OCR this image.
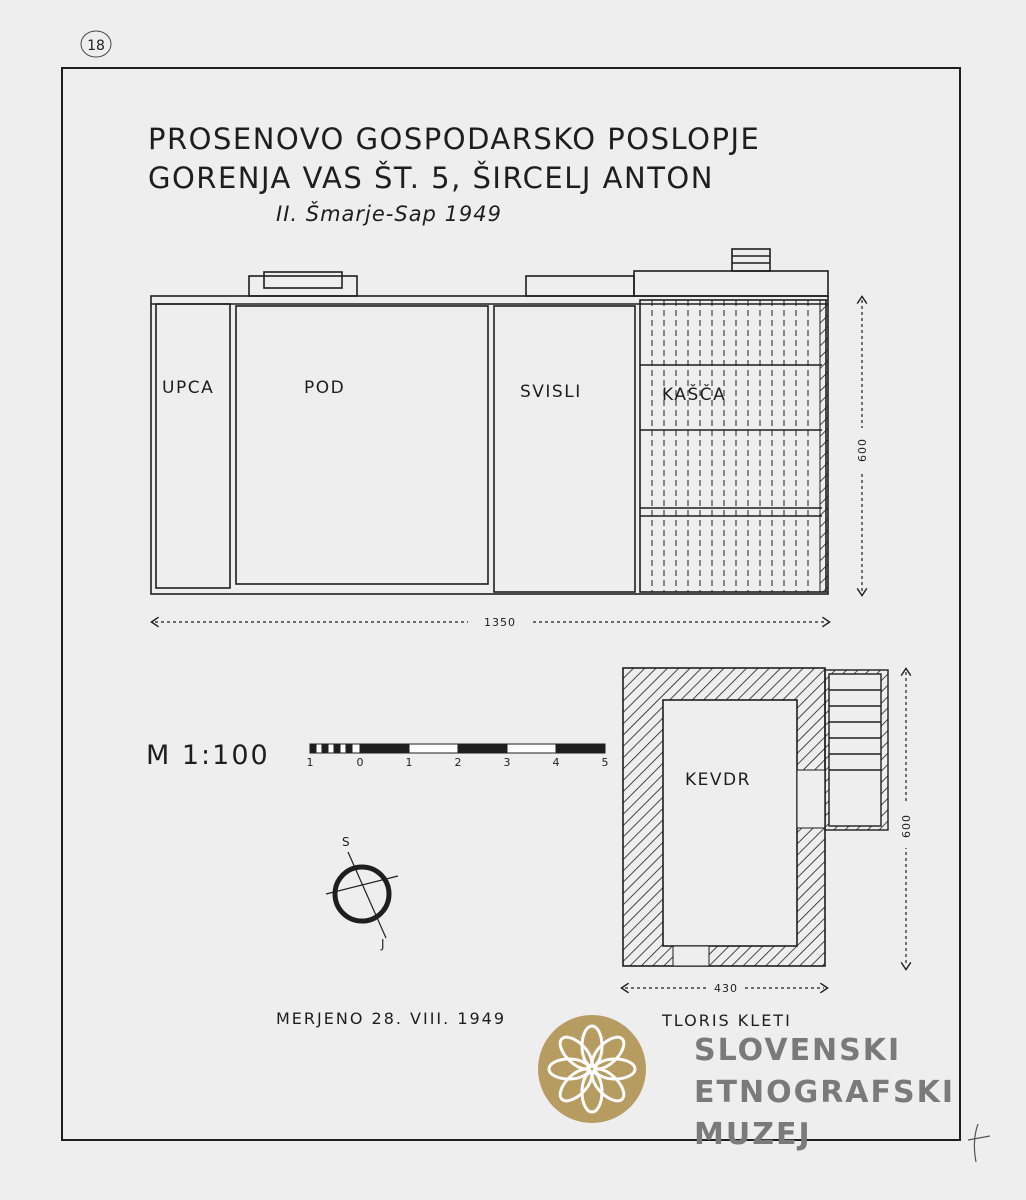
18
PROSENOVO GOSPODARSKO POSLOPJE
GORENJA VAS ŠT. 5, ŠIRCELJ ANTON
II. Šmarje-Sap 1949
UPCA	POD	SVISLI	KAŠČA
1350
600
M 1:100	1	0	1	2	3	4	5
S
J
MERJENO 28. VIII. 1949
KEVDR
430
600
TLORIS KLETI
SLOVENSKI
ETNOGRAFSKI
MUZEJ
